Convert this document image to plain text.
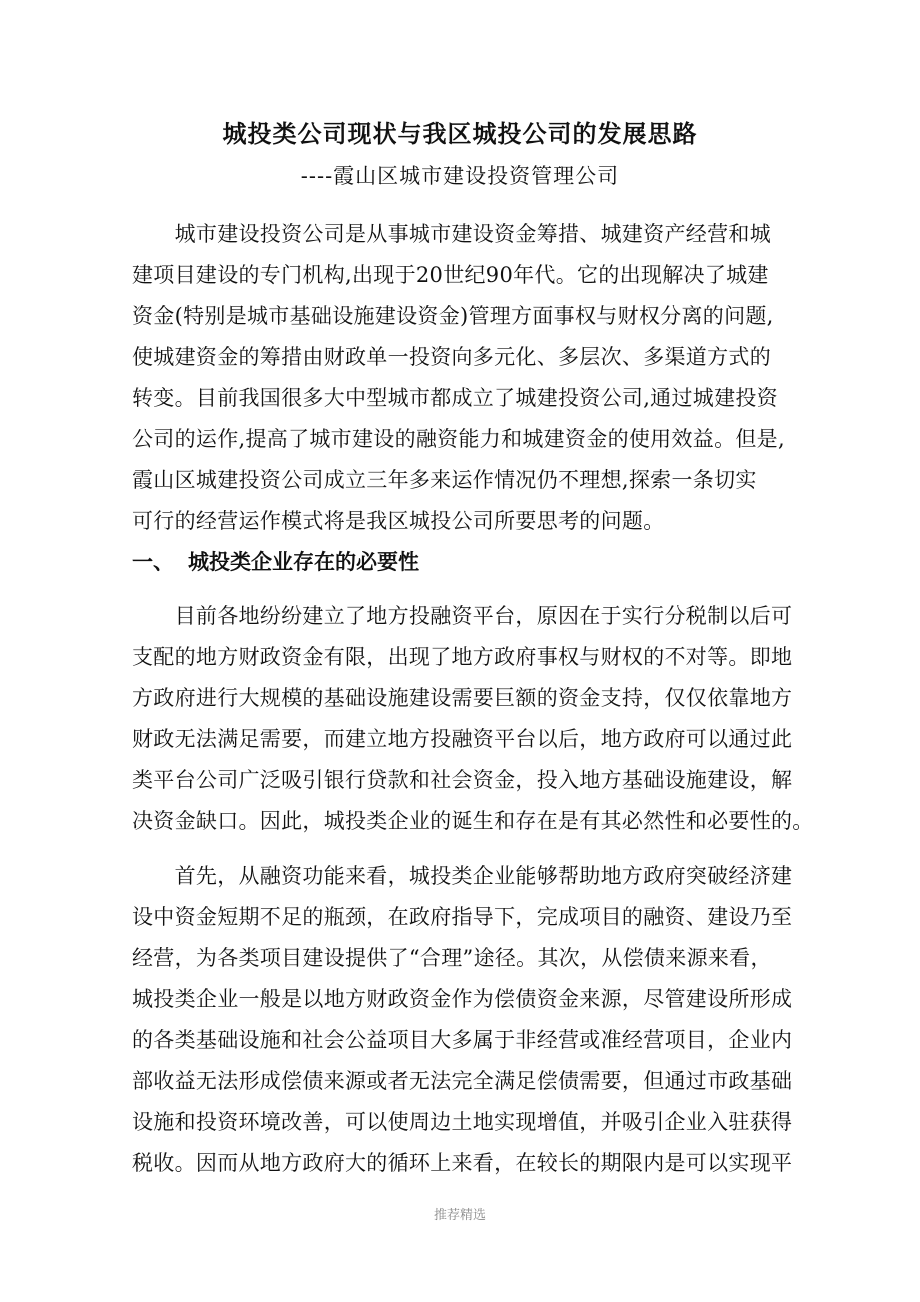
城投类公司现状与我区城投公司的发展思路
----霞山区城市建设投资管理公司
　　城市建设投资公司是从事城市建设资金筹措、城建资产经营和城
建项目建设的专门机构,出现于20世纪90年代。它的出现解决了城建
资金(特别是城市基础设施建设资金)管理方面事权与财权分离的问题,
使城建资金的筹措由财政单一投资向多元化、多层次、多渠道方式的
转变。目前我国很多大中型城市都成立了城建投资公司,通过城建投资
公司的运作,提高了城市建设的融资能力和城建资金的使用效益。但是,
霞山区城建投资公司成立三年多来运作情况仍不理想,探索一条切实
可行的经营运作模式将是我区城投公司所要思考的问题。
一、 城投类企业存在的必要性
　　目前各地纷纷建立了地方投融资平台，原因在于实行分税制以后可
支配的地方财政资金有限，出现了地方政府事权与财权的不对等。即地
方政府进行大规模的基础设施建设需要巨额的资金支持，仅仅依靠地方
财政无法满足需要，而建立地方投融资平台以后，地方政府可以通过此
类平台公司广泛吸引银行贷款和社会资金，投入地方基础设施建设，解
决资金缺口。因此，城投类企业的诞生和存在是有其必然性和必要性的。
　　首先，从融资功能来看，城投类企业能够帮助地方政府突破经济建
设中资金短期不足的瓶颈，在政府指导下，完成项目的融资、建设乃至
经营，为各类项目建设提供了“合理”途径。其次，从偿债来源来看，
城投类企业一般是以地方财政资金作为偿债资金来源，尽管建设所形成
的各类基础设施和社会公益项目大多属于非经营或准经营项目，企业内
部收益无法形成偿债来源或者无法完全满足偿债需要，但通过市政基础
设施和投资环境改善，可以使周边土地实现增值，并吸引企业入驻获得
税收。因而从地方政府大的循环上来看，在较长的期限内是可以实现平
推荐精选
